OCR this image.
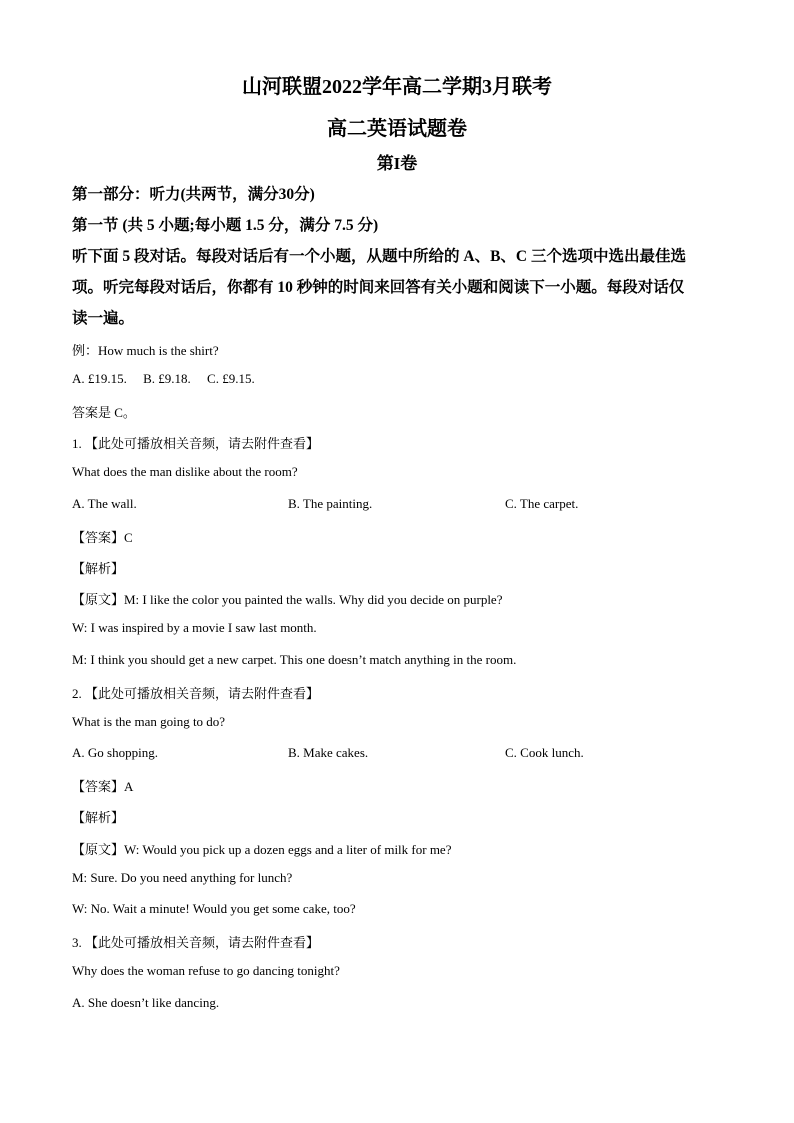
山河联盟2022学年高二学期3月联考
高二英语试题卷
第I卷
第一部分：听力(共两节，满分30分)
第一节 (共 5 小题;每小题 1.5 分，满分 7.5 分)
听下面 5 段对话。每段对话后有一个小题，从题中所给的 A、B、C 三个选项中选出最佳选
项。听完每段对话后，你都有 10 秒钟的时间来回答有关小题和阅读下一小题。每段对话仅
读一遍。
例：How much is the shirt?
A. £19.15.     B. £9.18.     C. £9.15.
答案是 C。
1. 【此处可播放相关音频，请去附件查看】
What does the man dislike about the room?
A. The wall.	B. The painting.	C. The carpet.
【答案】C
【解析】
【原文】M: I like the color you painted the walls. Why did you decide on purple?
W: I was inspired by a movie I saw last month.
M: I think you should get a new carpet. This one doesn’t match anything in the room.
2. 【此处可播放相关音频，请去附件查看】
What is the man going to do?
A. Go shopping.	B. Make cakes.	C. Cook lunch.
【答案】A
【解析】
【原文】W: Would you pick up a dozen eggs and a liter of milk for me?
M: Sure. Do you need anything for lunch?
W: No. Wait a minute! Would you get some cake, too?
3. 【此处可播放相关音频，请去附件查看】
Why does the woman refuse to go dancing tonight?
A. She doesn’t like dancing.
